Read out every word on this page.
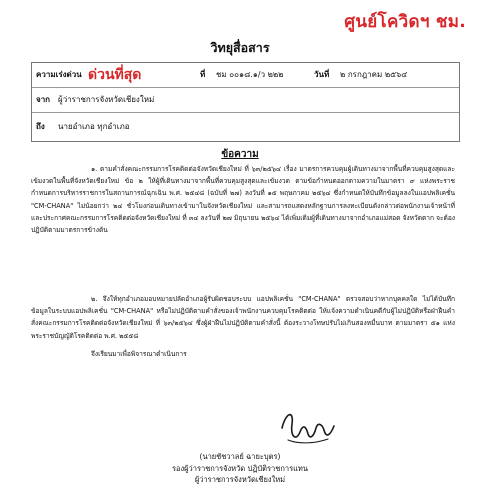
ศูนย์โควิดฯ ชม.
วิทยุสื่อสาร
ความเร่งด่วน ด่วนที่สุด	ที่ ชม ๐๐๑๘.๑/ว ๒๒๒	วันที่ ๒ กรกฎาคม ๒๕๖๔
จาก ผู้ว่าราชการจังหวัดเชียงใหม่
ถึง นายอำเภอ ทุกอำเภอ
ข้อความ
๑. ตามคำสั่งคณะกรรมการโรคติดต่อจังหวัดเชียงใหม่ ที่ ๖๓/๒๕๖๔ เรื่อง มาตรการควบคุมผู้เดินทางมาจากพื้นที่ควบคุมสูงสุดและเข้มงวดในพื้นที่จังหวัดเชียงใหม่ ข้อ ๒ ให้ผู้ที่เดินทางมาจากพื้นที่ควบคุมสูงสุดและเข้มงวด ตามข้อกำหนดออกตามความในมาตรา ๙ แห่งพระราชกำหนดการบริหารราชการในสถานการณ์ฉุกเฉิน พ.ศ. ๒๕๔๘ (ฉบับที่ ๒๗) ลงวันที่ ๑๕ พฤษภาคม ๒๕๖๔ ซึ่งกำหนดให้บันทึกข้อมูลลงในแอปพลิเคชั่น "CM-CHANA" ไม่น้อยกว่า ๒๔ ชั่วโมงก่อนเดินทางเข้ามาในจังหวัดเชียงใหม่ และสามารถแสดงหลักฐานการลงทะเบียนดังกล่าวต่อพนักงานเจ้าหน้าที่ และประกาศคณะกรรมการโรคติดต่อจังหวัดเชียงใหม่ ที่ ๓๔ ลงวันที่ ๒๗ มิถุนายน ๒๕๖๔ ได้เพิ่มเติมผู้ที่เดินทางมาจากอำเภอแม่สอด จังหวัดตาก จะต้องปฏิบัติตามมาตรการข้างต้น
๒. จึงให้ทุกอำเภอมอบหมายปลัดอำเภอผู้รับผิดชอบระบบ แอปพลิเคชั่น "CM-CHANA" ตรวจสอบว่าหากบุคคลใด ไม่ได้บันทึกข้อมูลในระบบแอปพลิเคชั่น "CM-CHANA" หรือไม่ปฏิบัติตามคำสั่งของเจ้าพนักงานควบคุมโรคติดต่อ ให้แจ้งความดำเนินคดีกับผู้ไม่ปฏิบัติหรือฝ่าฝืนคำสั่งคณะกรรมการโรคติดต่อจังหวัดเชียงใหม่ ที่ ๖๓/๒๕๖๔ ซึ่งผู้ฝ่าฝืนไม่ปฏิบัติตามคำสั่งนี้ ต้องระวางโทษปรับไม่เกินสองหมื่นบาท ตามมาตรา ๕๑ แห่งพระราชบัญญัติโรคติดต่อ พ.ศ. ๒๕๕๘
จึงเรียนมาเพื่อพิจารณาดำเนินการ
(นายชัชวาลย์ ฉายะบุตร)
รองผู้ว่าราชการจังหวัด ปฏิบัติราชการแทน
ผู้ว่าราชการจังหวัดเชียงใหม่
